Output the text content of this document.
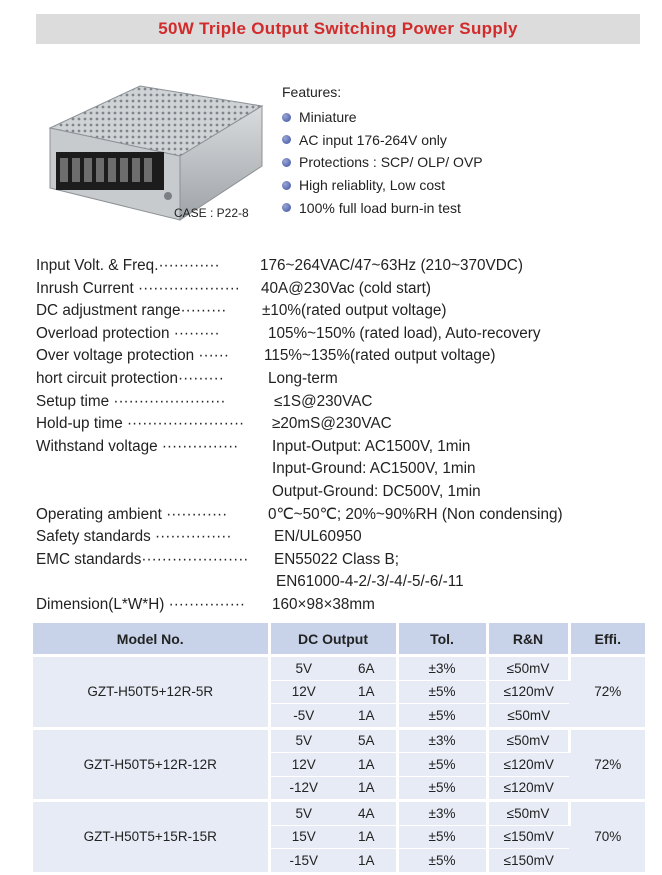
50W Triple Output Switching Power Supply
CASE : P22-8
Features:
Miniature
AC input 176-264V only
Protections : SCP/ OLP/ OVP
High reliablity, Low cost
100% full load burn-in test
Input Volt. & Freq.············	176~264VAC/47~63Hz (210~370VDC)
Inrush Current ···················· 40A@230Vac (cold start)
DC adjustment range········· ±10%(rated output voltage)
Overload protection ·········	105%~150% (rated load), Auto-recovery
Over voltage protection ······ 115%~135%(rated output voltage)
hort circuit protection·········	Long-term
Setup time ······················	≤1S@230VAC
Hold-up time ······················· ≥20mS@230VAC
Withstand voltage ··············· Input-Output: AC1500V, 1min
Input-Ground: AC1500V, 1min
Output-Ground: DC500V, 1min
Operating ambient ············	0℃~50℃; 20%~90%RH (Non condensing)
Safety standards ···············	EN/UL60950
EMC standards····················· EN55022 Class B;
EN61000-4-2/-3/-4/-5/-6/-11
Dimension(L*W*H) ··············· 160×98×38mm
Model No.	DC Output		Tol.	R&N	Effi.
GZT-H50T5+12R-5R	5V	6A	±3%	≤50mV	72%
	12V	1A	±5%	≤120mV	
	-5V	1A	±5%	≤50mV	
GZT-H50T5+12R-12R	5V	5A	±3%	≤50mV	72%
	12V	1A	±5%	≤120mV	
	-12V	1A	±5%	≤120mV	
GZT-H50T5+15R-15R	5V	4A	±3%	≤50mV	70%
	15V	1A	±5%	≤150mV	
	-15V	1A	±5%	≤150mV	
